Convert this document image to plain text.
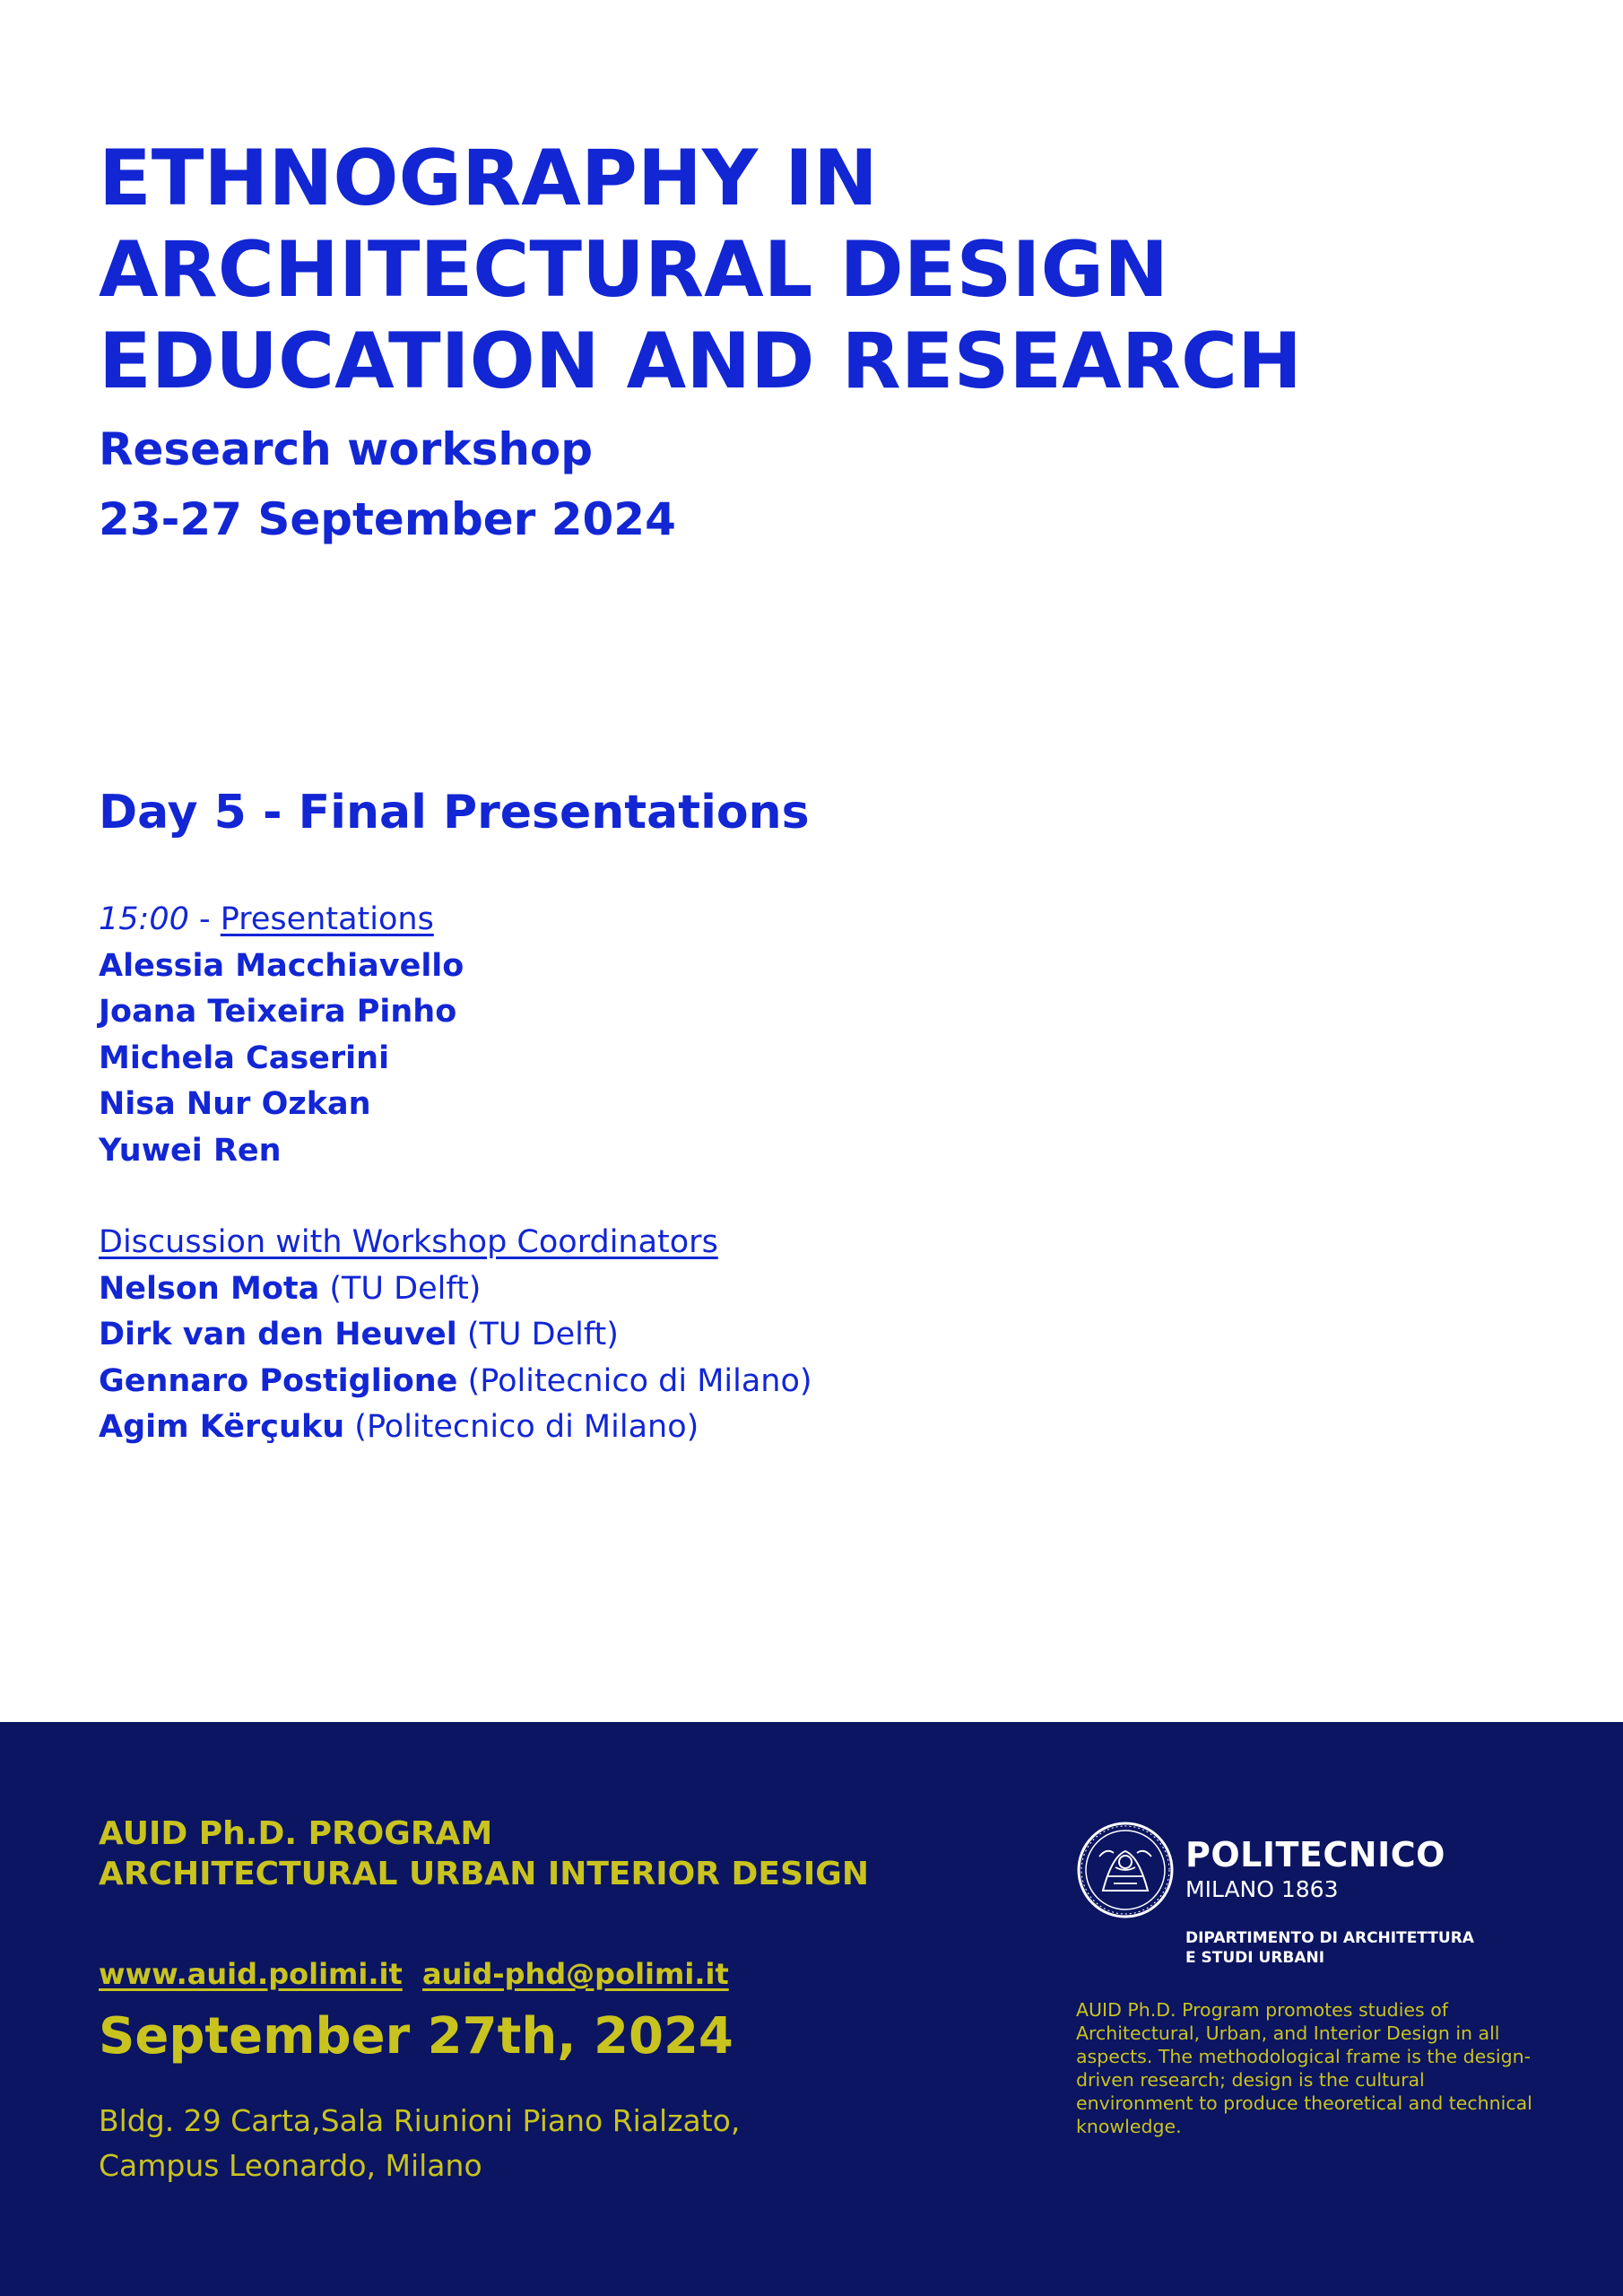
ETHNOGRAPHY IN
ARCHITECTURAL DESIGN
EDUCATION AND RESEARCH
Research workshop
23-27 September 2024
Day 5 - Final Presentations
15:00 - Presentations
Alessia Macchiavello
Joana Teixeira Pinho
Michela Caserini
Nisa Nur Ozkan
Yuwei Ren
Discussion with Workshop Coordinators
Nelson Mota (TU Delft)
Dirk van den Heuvel (TU Delft)
Gennaro Postiglione (Politecnico di Milano)
Agim Kërçuku (Politecnico di Milano)
ww
AUID Ph.D. PROGRAM
ARCHITECTURAL URBAN INTERIOR DESIGN
www.auid.polimi.it auid-phd@polimi.it
September 27th, 2024
Bldg. 29 Carta,Sala Riunioni Piano Rialzato,
Campus Leonardo, Milano
POLITECNICO
MILANO 1863
DIPARTIMENTO DI ARCHITETTURA
E STUDI URBANI
AUID Ph.D. Program promotes studies of Architectural, Urban, and Interior Design in all aspects. The methodological frame is the design-driven research; design is the cultural environment to produce theoretical and technical knowledge.
